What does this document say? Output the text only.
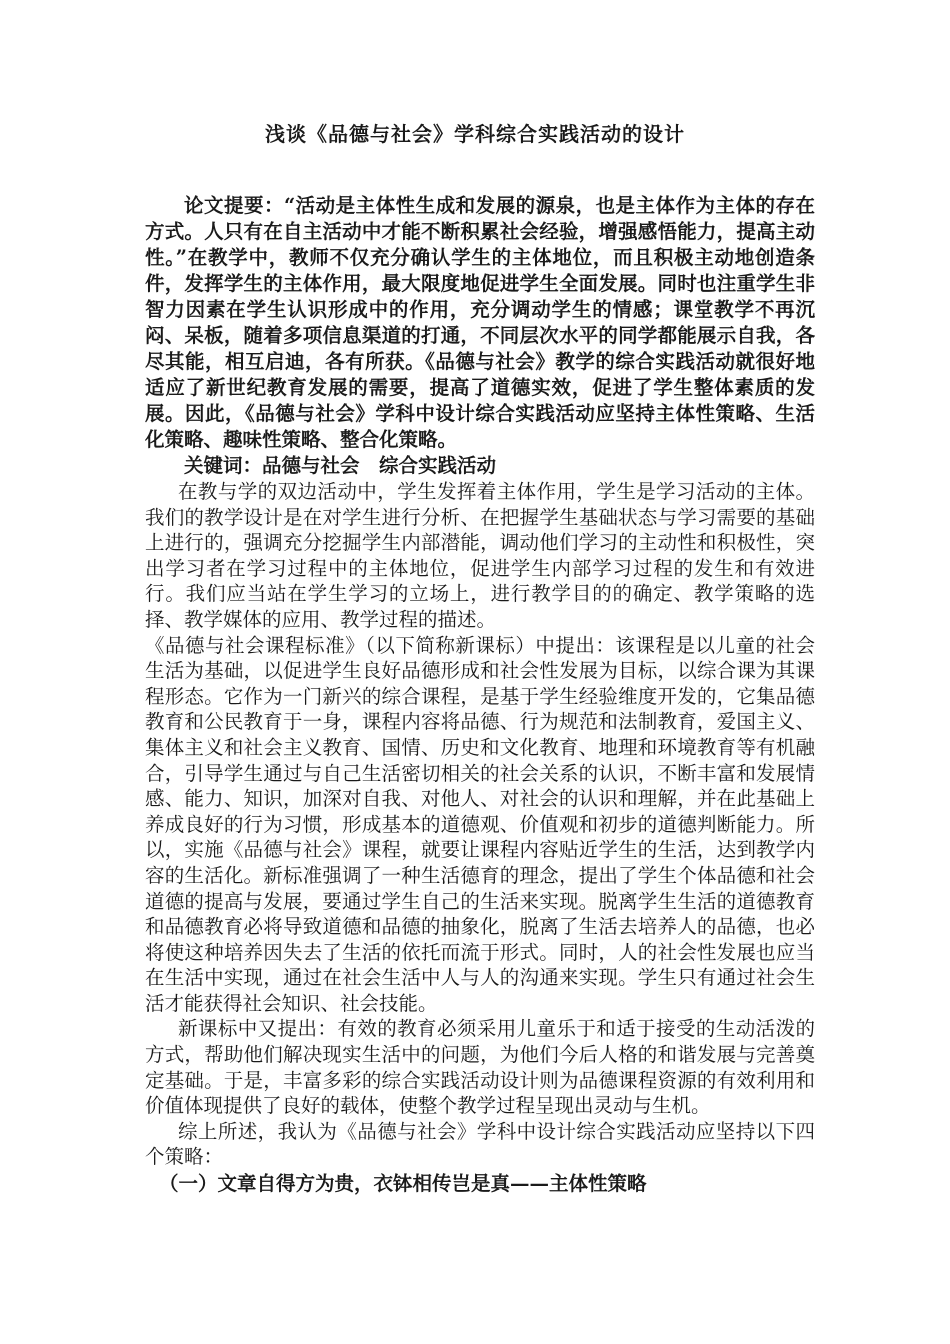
浅谈《品德与社会》学科综合实践活动的设计

论文提要：“活动是主体性生成和发展的源泉，也是主体作为主体的存在方式。人只有在自主活动中才能不断积累社会经验，增强感悟能力，提高主动性。”在教学中，教师不仅充分确认学生的主体地位，而且积极主动地创造条件，发挥学生的主体作用，最大限度地促进学生全面发展。同时也注重学生非智力因素在学生认识形成中的作用，充分调动学生的情感；课堂教学不再沉闷、呆板，随着多项信息渠道的打通，不同层次水平的同学都能展示自我，各尽其能，相互启迪，各有所获。《品德与社会》教学的综合实践活动就很好地适应了新世纪教育发展的需要，提高了道德实效，促进了学生整体素质的发展。因此，《品德与社会》学科中设计综合实践活动应坚持主体性策略、生活化策略、趣味性策略、整合化策略。

关键词：品德与社会　综合实践活动

在教与学的双边活动中，学生发挥着主体作用，学生是学习活动的主体。我们的教学设计是在对学生进行分析、在把握学生基础状态与学习需要的基础上进行的，强调充分挖掘学生内部潜能，调动他们学习的主动性和积极性，突出学习者在学习过程中的主体地位，促进学生内部学习过程的发生和有效进行。我们应当站在学生学习的立场上，进行教学目的的确定、教学策略的选择、教学媒体的应用、教学过程的描述。

《品德与社会课程标准》（以下简称新课标）中提出：该课程是以儿童的社会生活为基础，以促进学生良好品德形成和社会性发展为目标，以综合课为其课程形态。它作为一门新兴的综合课程，是基于学生经验维度开发的，它集品德教育和公民教育于一身，课程内容将品德、行为规范和法制教育，爱国主义、集体主义和社会主义教育、国情、历史和文化教育、地理和环境教育等有机融合，引导学生通过与自己生活密切相关的社会关系的认识，不断丰富和发展情感、能力、知识，加深对自我、对他人、对社会的认识和理解，并在此基础上养成良好的行为习惯，形成基本的道德观、价值观和初步的道德判断能力。所以，实施《品德与社会》课程，就要让课程内容贴近学生的生活，达到教学内容的生活化。新标准强调了一种生活德育的理念，提出了学生个体品德和社会道德的提高与发展，要通过学生自己的生活来实现。脱离学生生活的道德教育和品德教育必将导致道德和品德的抽象化，脱离了生活去培养人的品德，也必将使这种培养因失去了生活的依托而流于形式。同时，人的社会性发展也应当在生活中实现，通过在社会生活中人与人的沟通来实现。学生只有通过社会生活才能获得社会知识、社会技能。

新课标中又提出：有效的教育必须采用儿童乐于和适于接受的生动活泼的方式，帮助他们解决现实生活中的问题，为他们今后人格的和谐发展与完善奠定基础。于是，丰富多彩的综合实践活动设计则为品德课程资源的有效利用和价值体现提供了良好的载体，使整个教学过程呈现出灵动与生机。

综上所述，我认为《品德与社会》学科中设计综合实践活动应坚持以下四个策略：

（一）文章自得方为贵，衣钵相传岂是真——主体性策略
